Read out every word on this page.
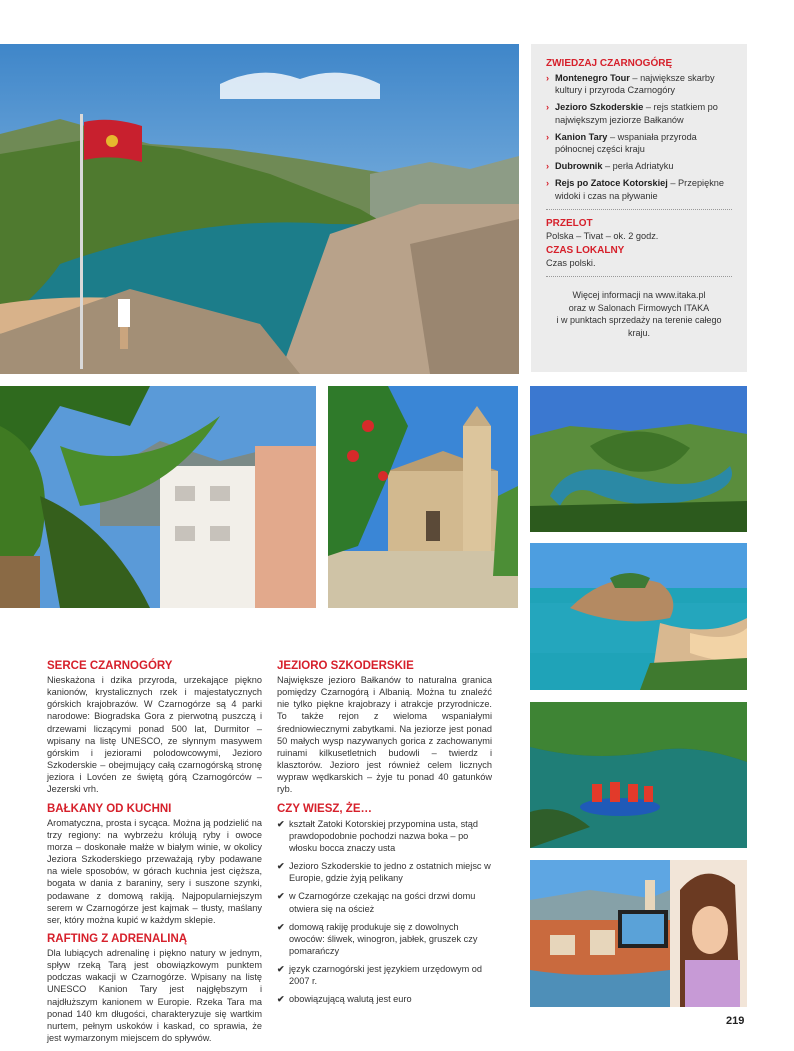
ZWIEDZAJ CZARNOGÓRĘ
› Montenegro Tour – największe skarby kultury i przyroda Czarnogóry
› Jezioro Szkoderskie – rejs statkiem po największym jeziorze Bałkanów
› Kanion Tary – wspaniała przyroda północnej części kraju
› Dubrownik – perła Adriatyku
› Rejs po Zatoce Kotorskiej – Przepiękne widoki i czas na pływanie
PRZELOT
Polska – Tivat – ok. 2 godz.
CZAS LOKALNY
Czas polski.
Więcej informacji na www.itaka.pl
oraz w Salonach Firmowych ITAKA
i w punktach sprzedaży na terenie całego kraju.
SERCE CZARNOGÓRY

Nieskażona i dzika przyroda, urzekające piękno kanionów, krystalicznych rzek i majestatycznych górskich krajobrazów. W Czarnogórze są 4 parki narodowe: Biogradska Gora z pierwotną puszczą i drzewami liczącymi ponad 500 lat, Durmitor – wpisany na listę UNESCO, ze słynnym masywem górskim i jeziorami polodowcowymi, Jezioro Szkoderskie – obejmujący całą czarnogórską stronę jeziora i Lovćen ze świętą górą Czarnogórców – Jezerski vrh.

BAŁKANY OD KUCHNI

Aromatyczna, prosta i sycąca. Można ją podzielić na trzy regiony: na wybrzeżu królują ryby i owoce morza – doskonałe małże w białym winie, w okolicy Jeziora Szkoderskiego przeważają ryby podawane na wiele sposobów, w górach kuchnia jest cięższa, bogata w dania z baraniny, sery i suszone szynki, podawane z domową rakiją. Najpopularniejszym serem w Czarnogórze jest kajmak – tłusty, maślany ser, który można kupić w każdym sklepie.

RAFTING Z ADRENALINĄ

Dla lubiących adrenalinę i piękno natury w jednym, spływ rzeką Tarą jest obowiązkowym punktem podczas wakacji w Czarnogórze. Wpisany na listę UNESCO Kanion Tary jest najgłębszym i najdłuższym kanionem w Europie. Rzeka Tara ma ponad 140 km długości, charakteryzuje się wartkim nurtem, pełnym uskoków i kaskad, co sprawia, że jest wymarzonym miejscem do spływów.

JEZIORO SZKODERSKIE

Największe jezioro Bałkanów to naturalna granica pomiędzy Czarnogórą i Albanią. Można tu znaleźć nie tylko piękne krajobrazy i atrakcje przyrodnicze. To także rejon z wieloma wspaniałymi średniowiecznymi zabytkami. Na jeziorze jest ponad 50 małych wysp nazywanych gorica z zachowanymi ruinami kilkusetletnich budowli – twierdz i klasztorów. Jezioro jest również celem licznych wypraw wędkarskich – żyje tu ponad 40 gatunków ryb.

CZY WIESZ, ŻE…
✔ kształt Zatoki Kotorskiej przypomina usta, stąd prawdopodobnie pochodzi nazwa boka – po włosku bocca znaczy usta
✔ Jezioro Szkoderskie to jedno z ostatnich miejsc w Europie, gdzie żyją pelikany
✔ w Czarnogórze czekając na gości drzwi domu otwiera się na oścież
✔ domową rakiję produkuje się z dowolnych owoców: śliwek, winogron, jabłek, gruszek czy pomarańczy
✔ język czarnogórski jest językiem urzędowym od 2007 r.
✔ obowiązującą walutą jest euro
219
